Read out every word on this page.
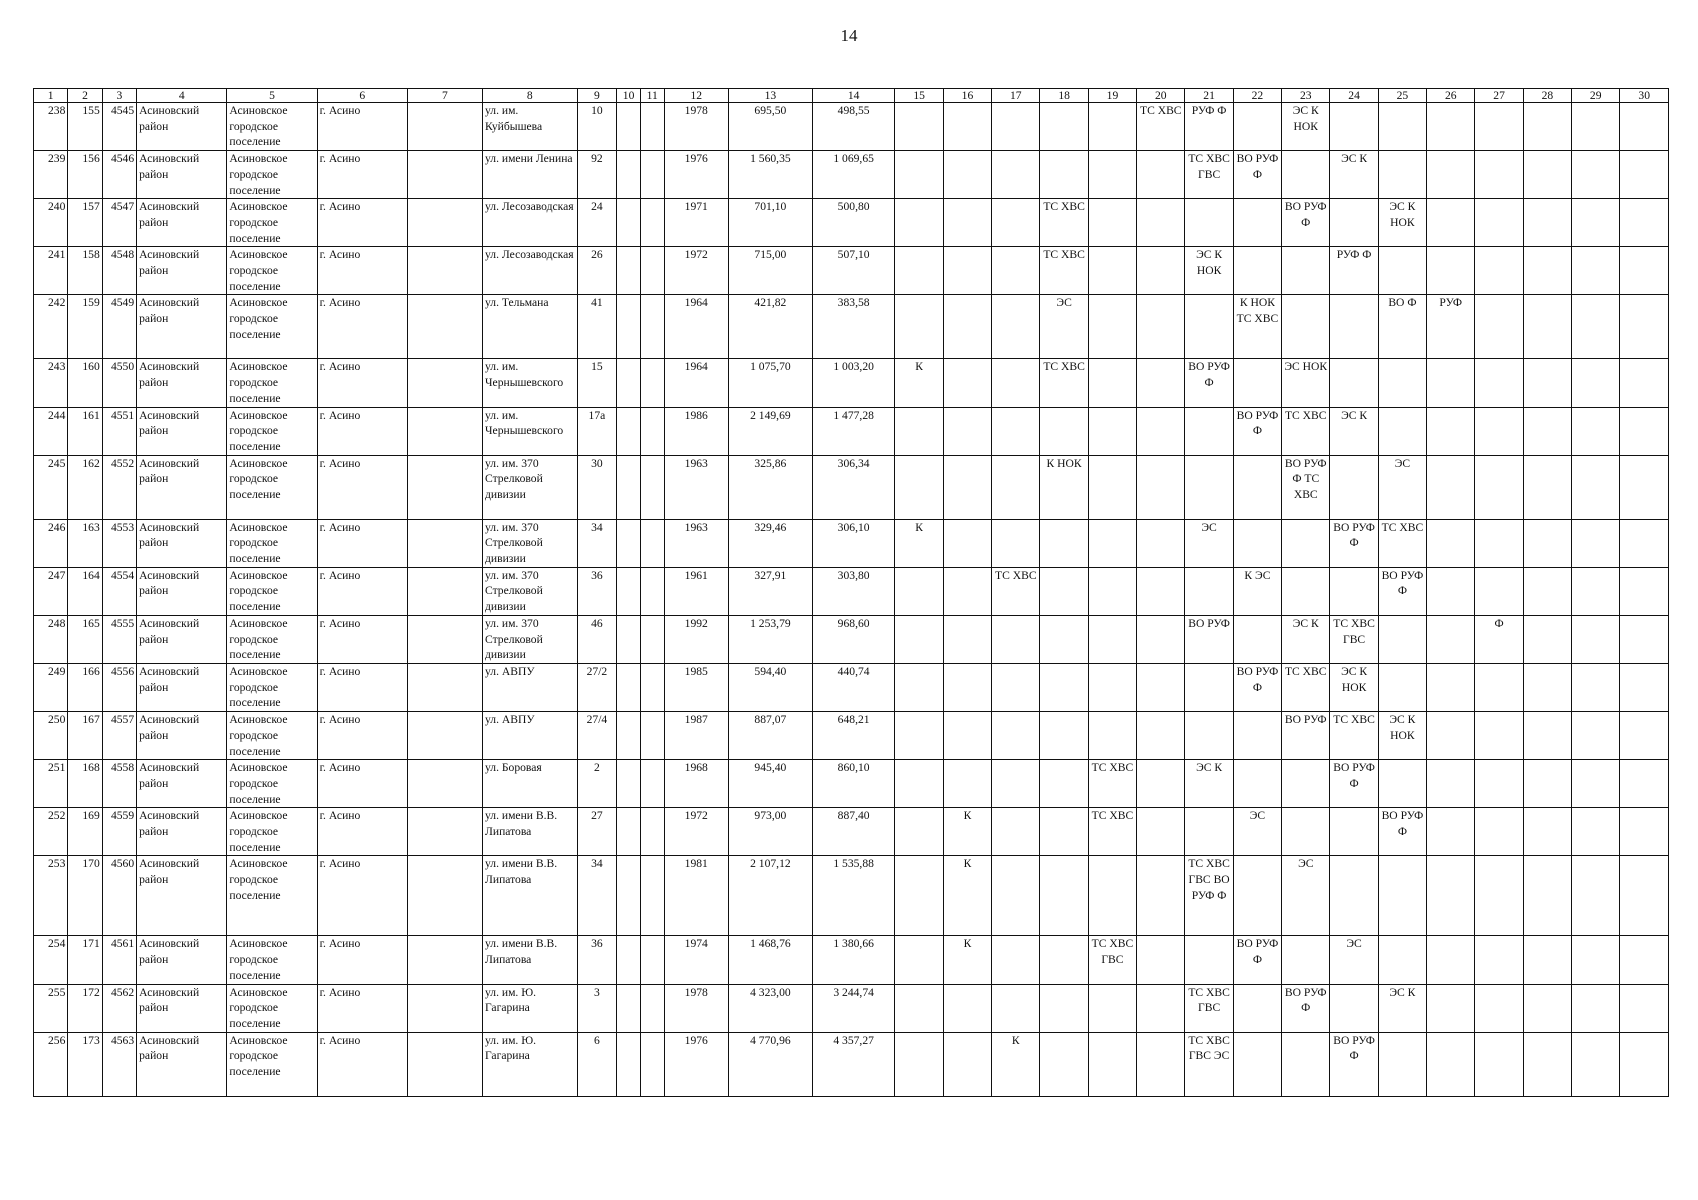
14
1	2	3	4	5	6	7	8	9	10	11	12	13	14	15	16	17	18	19	20	21	22	23	24	25	26	27	28	29	30
238	155	4545	Асиновский район	Асиновское городское поселение	г. Асино		ул. им. Куйбышева	10			1978	695,50	498,55						ТС ХВС	РУФ Ф		ЭС К НОК							
239	156	4546	Асиновский район	Асиновское городское поселение	г. Асино		ул. имени Ленина	92			1976	1 560,35	1 069,65							ТС ХВС ГВС	ВО РУФ Ф		ЭС К						
240	157	4547	Асиновский район	Асиновское городское поселение	г. Асино		ул. Лесозаводская	24			1971	701,10	500,80				ТС ХВС					ВО РУФ Ф		ЭС К НОК					
241	158	4548	Асиновский район	Асиновское городское поселение	г. Асино		ул. Лесозаводская	26			1972	715,00	507,10				ТС ХВС			ЭС К НОК			РУФ Ф						
242	159	4549	Асиновский район	Асиновское городское поселение	г. Асино		ул. Тельмана	41			1964	421,82	383,58				ЭС				К НОК ТС ХВС			ВО Ф	РУФ				
243	160	4550	Асиновский район	Асиновское городское поселение	г. Асино		ул. им. Чернышевского	15			1964	1 075,70	1 003,20	К			ТС ХВС			ВО РУФ Ф		ЭС НОК							
244	161	4551	Асиновский район	Асиновское городское поселение	г. Асино		ул. им. Чернышевского	17а			1986	2 149,69	1 477,28								ВО РУФ Ф	ТС ХВС	ЭС К						
245	162	4552	Асиновский район	Асиновское городское поселение	г. Асино		ул. им. 370 Стрелковой дивизии	30			1963	325,86	306,34				К НОК					ВО РУФ Ф ТС ХВС		ЭС					
246	163	4553	Асиновский район	Асиновское городское поселение	г. Асино		ул. им. 370 Стрелковой дивизии	34			1963	329,46	306,10	К						ЭС			ВО РУФ Ф	ТС ХВС					
247	164	4554	Асиновский район	Асиновское городское поселение	г. Асино		ул. им. 370 Стрелковой дивизии	36			1961	327,91	303,80			ТС ХВС					К ЭС			ВО РУФ Ф					
248	165	4555	Асиновский район	Асиновское городское поселение	г. Асино		ул. им. 370 Стрелковой дивизии	46			1992	1 253,79	968,60							ВО РУФ		ЭС К	ТС ХВС ГВС			Ф			
249	166	4556	Асиновский район	Асиновское городское поселение	г. Асино		ул. АВПУ	27/2			1985	594,40	440,74								ВО РУФ Ф	ТС ХВС	ЭС К НОК						
250	167	4557	Асиновский район	Асиновское городское поселение	г. Асино		ул. АВПУ	27/4			1987	887,07	648,21									ВО РУФ	ТС ХВС	ЭС К НОК					
251	168	4558	Асиновский район	Асиновское городское поселение	г. Асино		ул. Боровая	2			1968	945,40	860,10					ТС ХВС		ЭС К			ВО РУФ Ф						
252	169	4559	Асиновский район	Асиновское городское поселение	г. Асино		ул. имени В.В. Липатова	27			1972	973,00	887,40		К			ТС ХВС			ЭС			ВО РУФ Ф					
253	170	4560	Асиновский район	Асиновское городское поселение	г. Асино		ул. имени В.В. Липатова	34			1981	2 107,12	1 535,88		К					ТС ХВС ГВС ВО РУФ Ф		ЭС							
254	171	4561	Асиновский район	Асиновское городское поселение	г. Асино		ул. имени В.В. Липатова	36			1974	1 468,76	1 380,66		К			ТС ХВС ГВС			ВО РУФ Ф		ЭС						
255	172	4562	Асиновский район	Асиновское городское поселение	г. Асино		ул. им. Ю. Гагарина	3			1978	4 323,00	3 244,74							ТС ХВС ГВС		ВО РУФ Ф		ЭС К					
256	173	4563	Асиновский район	Асиновское городское поселение	г. Асино		ул. им. Ю. Гагарина	6			1976	4 770,96	4 357,27			К				ТС ХВС ГВС ЭС			ВО РУФ Ф						
